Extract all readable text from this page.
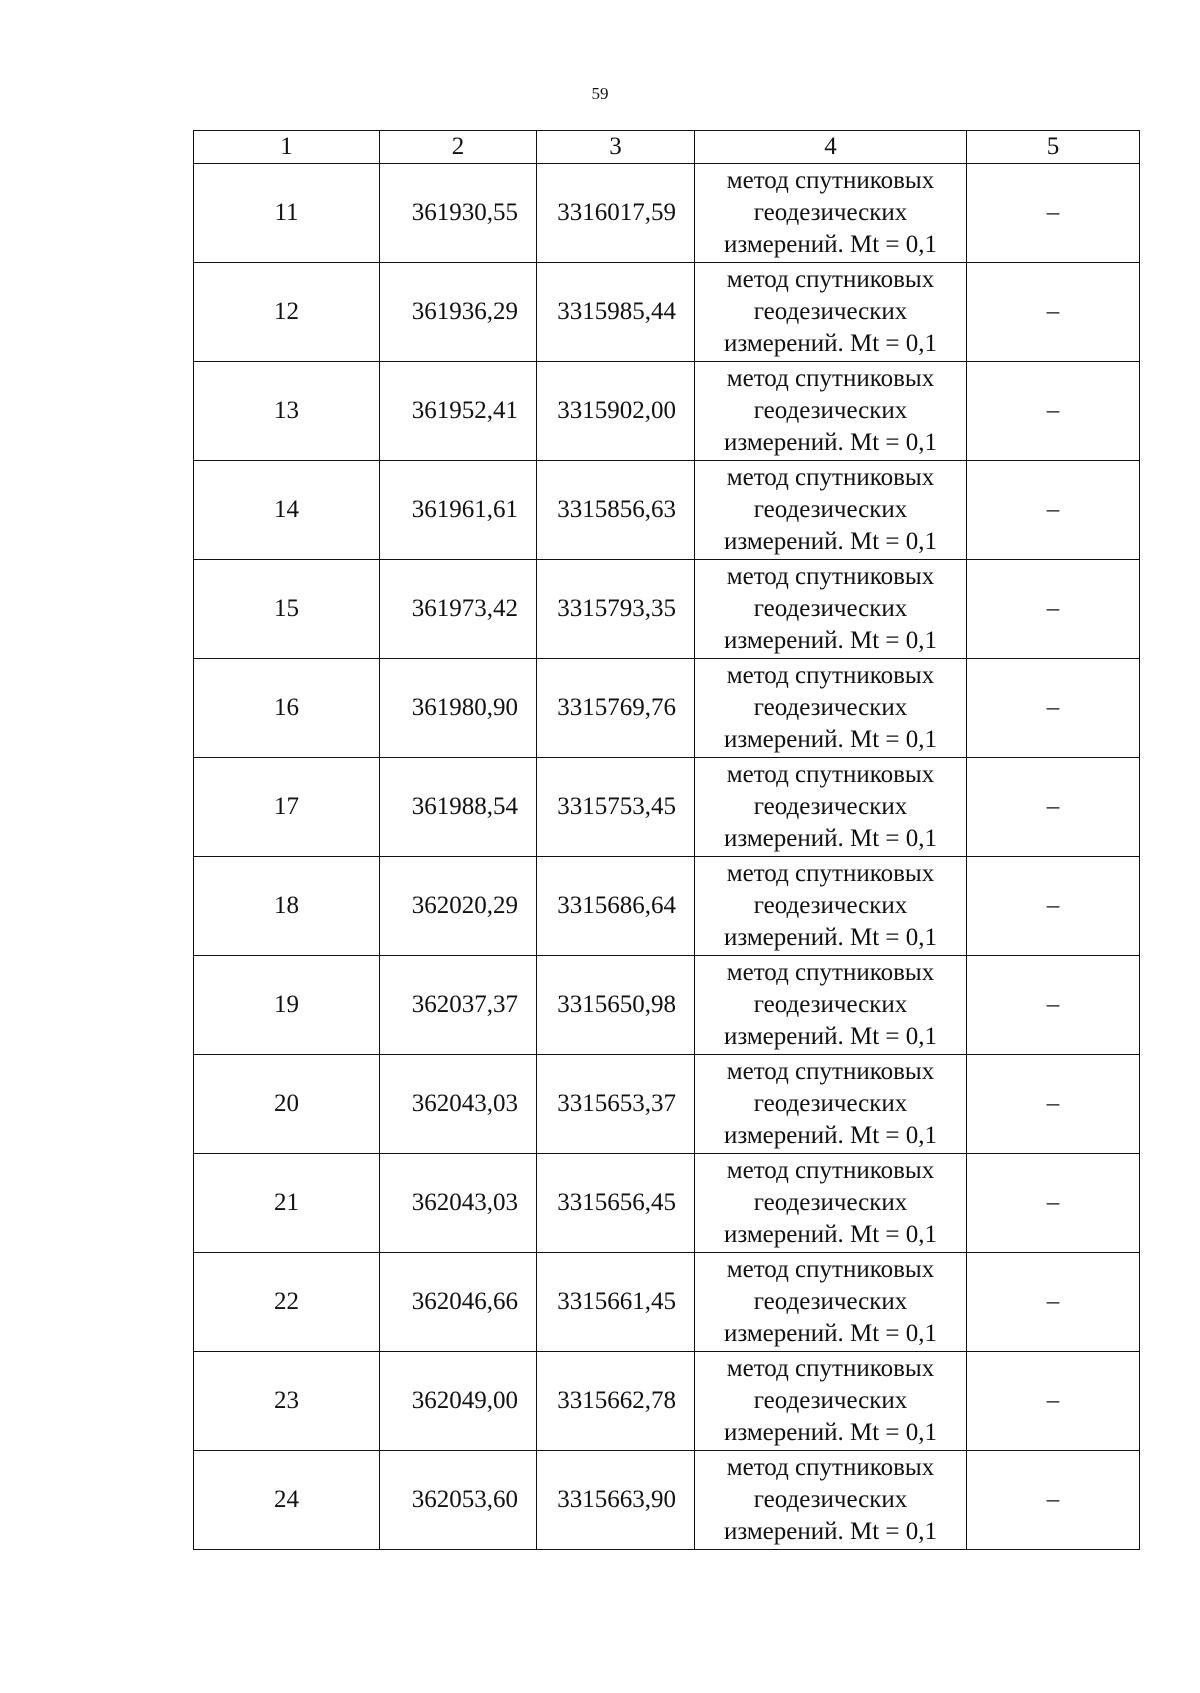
59
1	2	3	4	5
11	361930,55	3316017,59	метод спутниковых
геодезических
измерений. Mt = 0,1	–
12	361936,29	3315985,44	метод спутниковых
геодезических
измерений. Mt = 0,1	–
13	361952,41	3315902,00	метод спутниковых
геодезических
измерений. Mt = 0,1	–
14	361961,61	3315856,63	метод спутниковых
геодезических
измерений. Mt = 0,1	–
15	361973,42	3315793,35	метод спутниковых
геодезических
измерений. Mt = 0,1	–
16	361980,90	3315769,76	метод спутниковых
геодезических
измерений. Mt = 0,1	–
17	361988,54	3315753,45	метод спутниковых
геодезических
измерений. Mt = 0,1	–
18	362020,29	3315686,64	метод спутниковых
геодезических
измерений. Mt = 0,1	–
19	362037,37	3315650,98	метод спутниковых
геодезических
измерений. Mt = 0,1	–
20	362043,03	3315653,37	метод спутниковых
геодезических
измерений. Mt = 0,1	–
21	362043,03	3315656,45	метод спутниковых
геодезических
измерений. Mt = 0,1	–
22	362046,66	3315661,45	метод спутниковых
геодезических
измерений. Mt = 0,1	–
23	362049,00	3315662,78	метод спутниковых
геодезических
измерений. Mt = 0,1	–
24	362053,60	3315663,90	метод спутниковых
геодезических
измерений. Mt = 0,1	–
